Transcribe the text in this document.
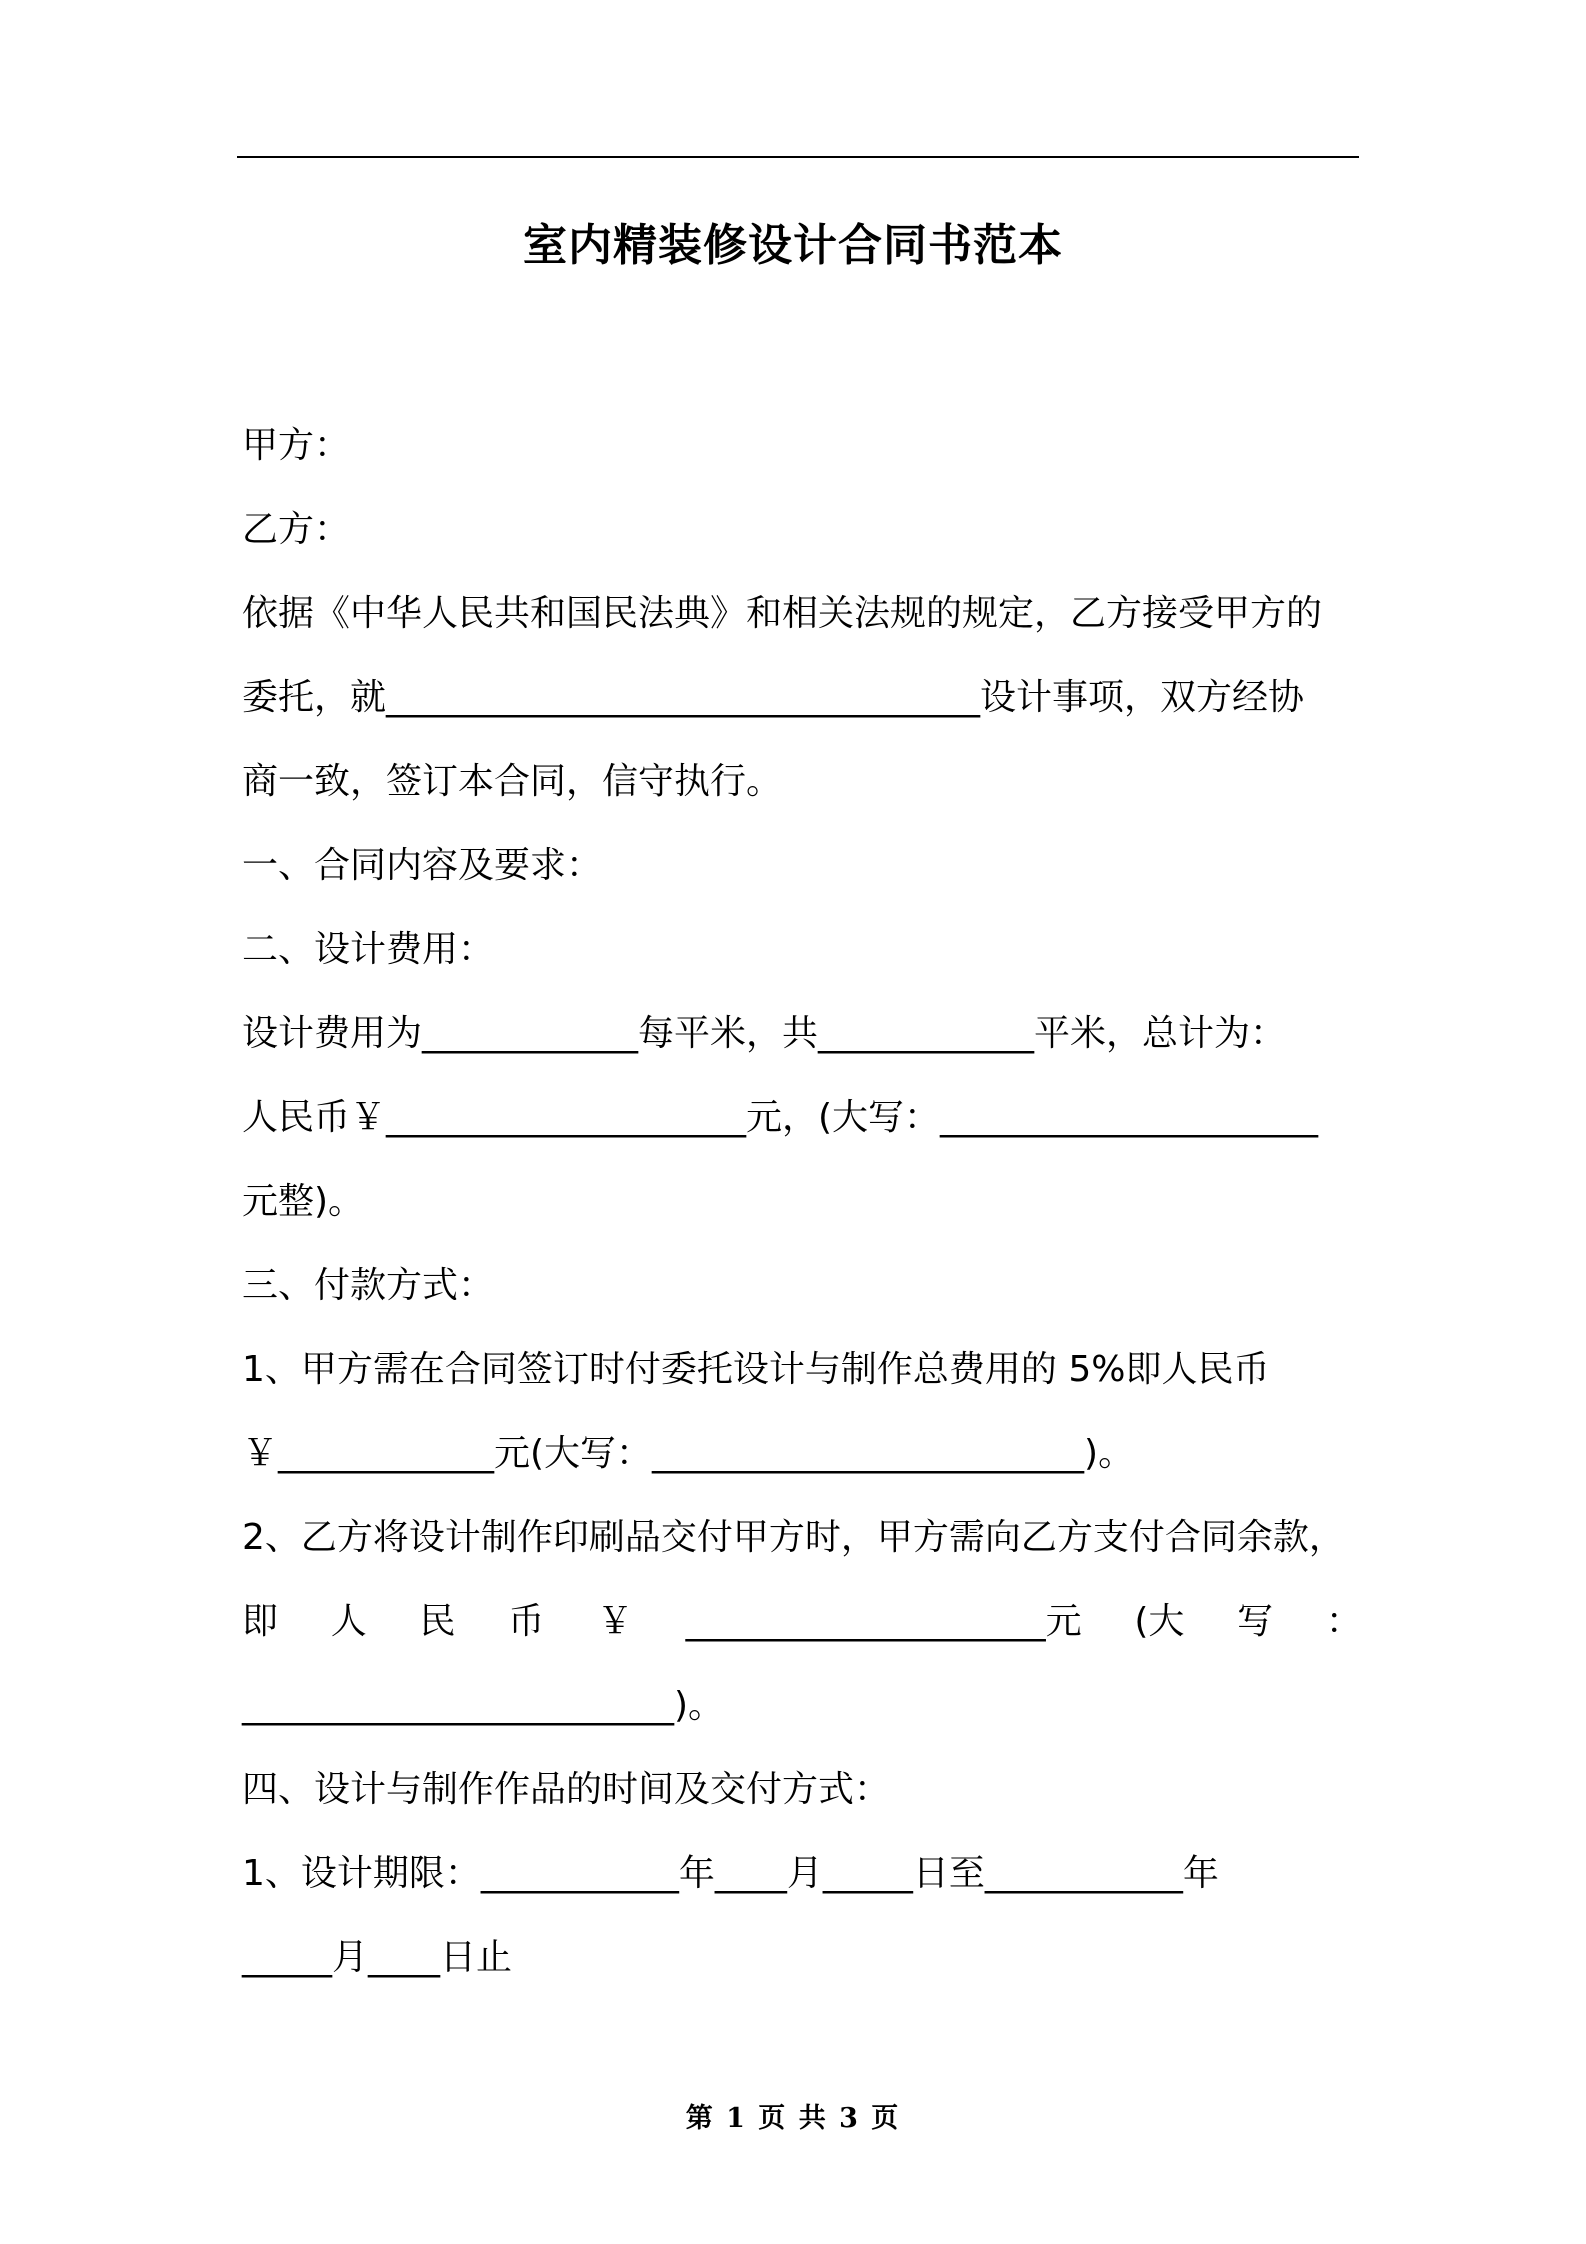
室内精装修设计合同书范本
甲方：
乙方：
依据《中华人民共和国民法典》和相关法规的规定，乙方接受甲方的
委托，就_________________________________设计事项，双方经协
商一致，签订本合同，信守执行。
一、合同内容及要求：
二、设计费用：
设计费用为____________每平米，共____________平米，总计为：
人民币￥____________________元，(大写：_____________________
元整)。
三、付款方式：
1、甲方需在合同签订时付委托设计与制作总费用的 5%即人民币
￥____________元(大写：________________________)。
2、乙方将设计制作印刷品交付甲方时，甲方需向乙方支付合同余款，
即 人 民 币 ￥ ____________________元 (大 写 ：
________________________)。
四、设计与制作作品的时间及交付方式：
1、设计期限：___________年____月_____日至___________年
_____月____日止
第 1 页 共 3 页
